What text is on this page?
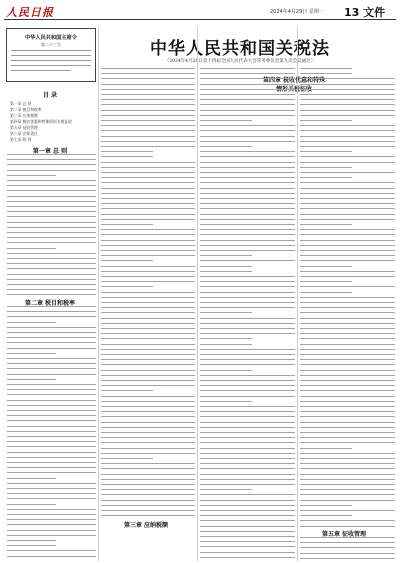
人民日报	2024年4月29日 星期一 13 文件
中华人民共和国关税法
（2024年4月26日第十四届全国人民代表大会常务委员会第九次会议通过）
中华人民共和国主席令
第二十三号
目 录
第一章 总 则
第二章 税目和税率
第三章 应纳税额
第四章 税收优惠和特殊情形关税征收
第五章 征收管理
第六章 法律责任
第七章 附 则
第一章 总 则
第二章 税目和税率
第三章 应纳税额
第四章 税收优惠和特殊
情形关税征收
第五章 征收管理
